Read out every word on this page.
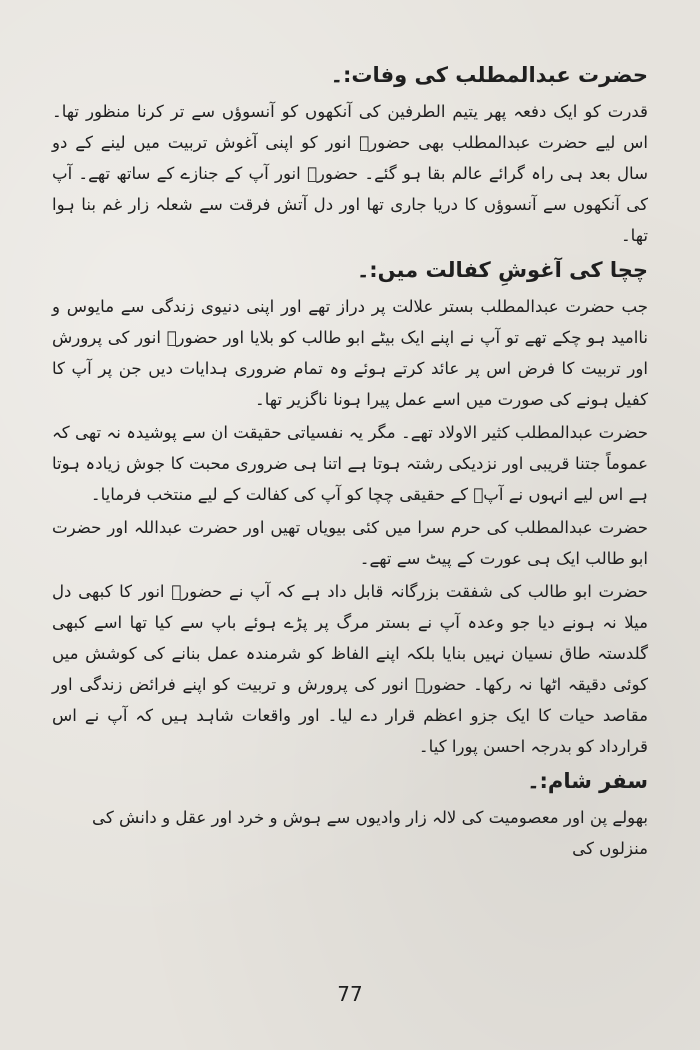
حضرت عبدالمطلب کی وفات:۔

قدرت کو ایک دفعہ پھر یتیم الطرفین کی آنکھوں کو آنسوؤں سے تر کرنا منظور تھا۔ اس لیے حضرت عبدالمطلب بھی حضورؐ انور کو اپنی آغوش تربیت میں لینے کے دو سال بعد ہی راہ گرائے عالم بقا ہو گئے۔ حضورؐ انور آپ کے جنازے کے ساتھ تھے۔ آپ کی آنکھوں سے آنسوؤں کا دریا جاری تھا اور دل آتش فرقت سے شعلہ زار غم بنا ہوا تھا۔

چچا کی آغوشِ کفالت میں:۔

جب حضرت عبدالمطلب بستر علالت پر دراز تھے اور اپنی دنیوی زندگی سے مایوس و ناامید ہو چکے تھے تو آپ نے اپنے ایک بیٹے ابو طالب کو بلایا اور حضورؐ انور کی پرورش اور تربیت کا فرض اس پر عائد کرتے ہوئے وہ تمام ضروری ہدایات دیں جن پر آپ کا کفیل ہونے کی صورت میں اسے عمل پیرا ہونا ناگزیر تھا۔

حضرت عبدالمطلب کثیر الاولاد تھے۔ مگر یہ نفسیاتی حقیقت ان سے پوشیدہ نہ تھی کہ عموماً جتنا قریبی اور نزدیکی رشتہ ہوتا ہے اتنا ہی ضروری محبت کا جوش زیادہ ہوتا ہے اس لیے انہوں نے آپؐ کے حقیقی چچا کو آپ کی کفالت کے لیے منتخب فرمایا۔

حضرت عبدالمطلب کی حرم سرا میں کئی بیویاں تھیں اور حضرت عبداللہ اور حضرت ابو طالب ایک ہی عورت کے پیٹ سے تھے۔

حضرت ابو طالب کی شفقت بزرگانہ قابل داد ہے کہ آپ نے حضورؐ انور کا کبھی دل میلا نہ ہونے دیا جو وعدہ آپ نے بستر مرگ پر پڑے ہوئے باپ سے کیا تھا اسے کبھی گلدستہ طاق نسیان نہیں بنایا بلکہ اپنے الفاظ کو شرمندہ عمل بنانے کی کوشش میں کوئی دقیقہ اٹھا نہ رکھا۔ حضورؐ انور کی پرورش و تربیت کو اپنے فرائض زندگی اور مقاصد حیات کا ایک جزو اعظم قرار دے لیا۔ اور واقعات شاہد ہیں کہ آپ نے اس قرارداد کو بدرجہ احسن پورا کیا۔

سفر شام:۔

بھولے پن اور معصومیت کی لالہ زار وادیوں سے ہوش و خرد اور عقل و دانش کی منزلوں کی

77
